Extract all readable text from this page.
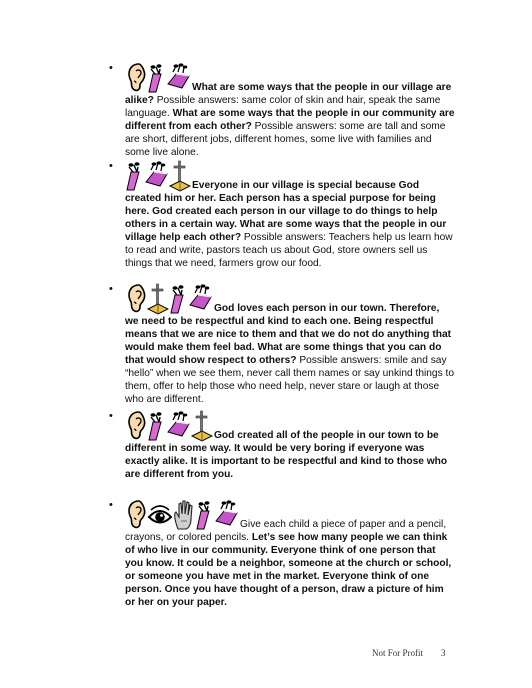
•
What are some ways that the people in our village are alike? Possible answers: same color of skin and hair, speak the same language. What are some ways that the people in our community are different from each other? Possible answers: some are tall and some are short, different jobs, different homes, some live with families and some live alone.
•
Everyone in our village is special because God created him or her. Each person has a special purpose for being here. God created each person in our village to do things to help others in a certain way. What are some ways that the people in our village help each other? Possible answers: Teachers help us learn how to read and write, pastors teach us about God, store owners sell us things that we need, farmers grow our food.
•
God loves each person in our town. Therefore, we need to be respectful and kind to each one. Being respectful means that we are nice to them and that we do not do anything that would make them feel bad. What are some things that you can do that would show respect to others? Possible answers: smile and say “hello” when we see them, never call them names or say unkind things to them, offer to help those who need help, never stare or laugh at those who are different.
•
God created all of the people in our town to be different in some way. It would be very boring if everyone was exactly alike. It is important to be respectful and kind to those who are different from you.
•
Give each child a piece of paper and a pencil, crayons, or colored pencils. Let’s see how many people we can think of who live in our community. Everyone think of one person that you know. It could be a neighbor, someone at the church or school, or someone you have met in the market. Everyone think of one person. Once you have thought of a person, draw a picture of him or her on your paper.
Not For Profit 3
